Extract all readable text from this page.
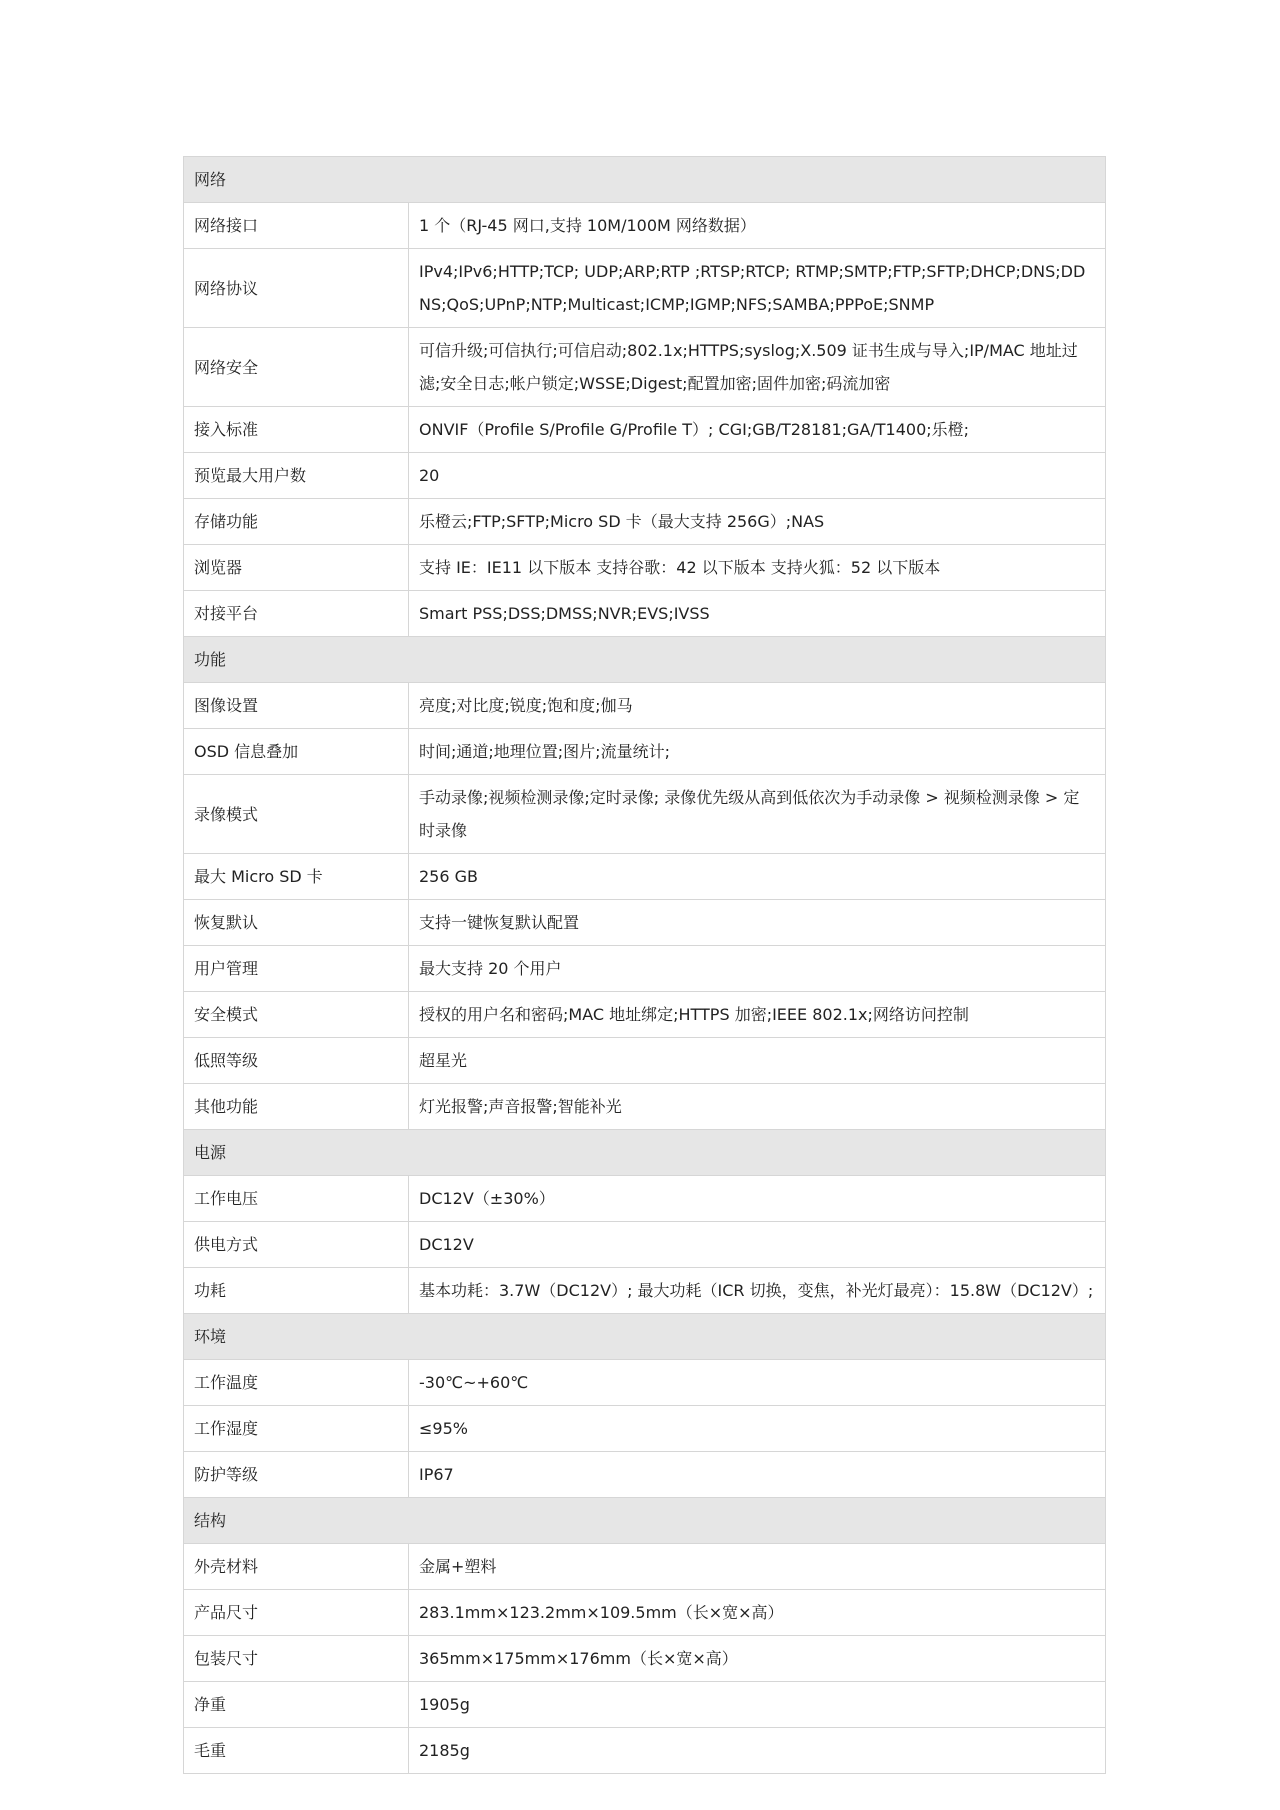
网络	
网络接口	1 个（RJ-45 网口,支持 10M/100M 网络数据）
网络协议	IPv4;IPv6;HTTP;TCP; UDP;ARP;RTP ;RTSP;RTCP; RTMP;SMTP;FTP;SFTP;DHCP;DNS;DDNS;QoS;UPnP;NTP;Multicast;ICMP;IGMP;NFS;SAMBA;PPPoE;SNMP
网络安全	可信升级;可信执行;可信启动;802.1x;HTTPS;syslog;X.509 证书生成与导入;IP/MAC 地址过滤;安全日志;帐户锁定;WSSE;Digest;配置加密;固件加密;码流加密
接入标准	ONVIF（Profile S/Profile G/Profile T）; CGI;GB/T28181;GA/T1400;乐橙;
预览最大用户数	20
存储功能	乐橙云;FTP;SFTP;Micro SD 卡（最大支持 256G）;NAS
浏览器	支持 IE：IE11 以下版本 支持谷歌：42 以下版本 支持火狐：52 以下版本
对接平台	Smart PSS;DSS;DMSS;NVR;EVS;IVSS
功能	
图像设置	亮度;对比度;锐度;饱和度;伽马
OSD 信息叠加	时间;通道;地理位置;图片;流量统计;
录像模式	手动录像;视频检测录像;定时录像; 录像优先级从高到低依次为手动录像 > 视频检测录像 > 定时录像
最大 Micro SD 卡	256 GB
恢复默认	支持一键恢复默认配置
用户管理	最大支持 20 个用户
安全模式	授权的用户名和密码;MAC 地址绑定;HTTPS 加密;IEEE 802.1x;网络访问控制
低照等级	超星光
其他功能	灯光报警;声音报警;智能补光
电源	
工作电压	DC12V（±30%）
供电方式	DC12V
功耗	基本功耗：3.7W（DC12V）; 最大功耗（ICR 切换，变焦，补光灯最亮）：15.8W（DC12V）;
环境	
工作温度	-30℃~+60℃
工作湿度	≤95%
防护等级	IP67
结构	
外壳材料	金属+塑料
产品尺寸	283.1mm×123.2mm×109.5mm（长×宽×高）
包装尺寸	365mm×175mm×176mm（长×宽×高）
净重	1905g
毛重	2185g
